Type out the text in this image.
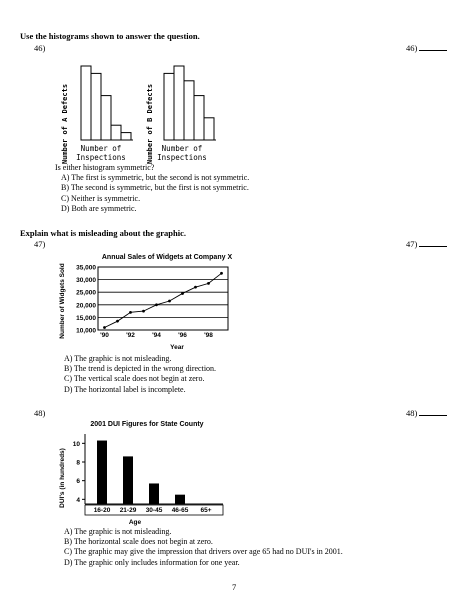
Use the histograms shown to answer the question.
46)	46)
Number of A Defects Number of
Inspections	Number of B Defects Number of
Inspections
Is either histogram symmetric?
A) The first is symmetric, but the second is not symmetric.
B) The second is symmetric, but the first is not symmetric.
C) Neither is symmetric.
D) Both are symmetric.
Explain what is misleading about the graphic.
47)	47)
Annual Sales of Widgets at Company X
Number of Widgets Sold
Year
10,000
15,000
20,000
25,000
30,000
35,000
'90	'92	'94	'96	'98
A) The graphic is not misleading.
B) The trend is depicted in the wrong direction.
C) The vertical scale does not begin at zero.
D) The horizontal label is incomplete.
48)	48)
2001 DUI Figures for State County
DUI's (in hundreds)
Age
4
6
8
10
16-20 21-29 30-45 46-65 65+
A) The graphic is not misleading.
B) The horizontal scale does not begin at zero.
C) The graphic may give the impression that drivers over age 65 had no DUI's in 2001.
D) The graphic only includes information for one year.
7
